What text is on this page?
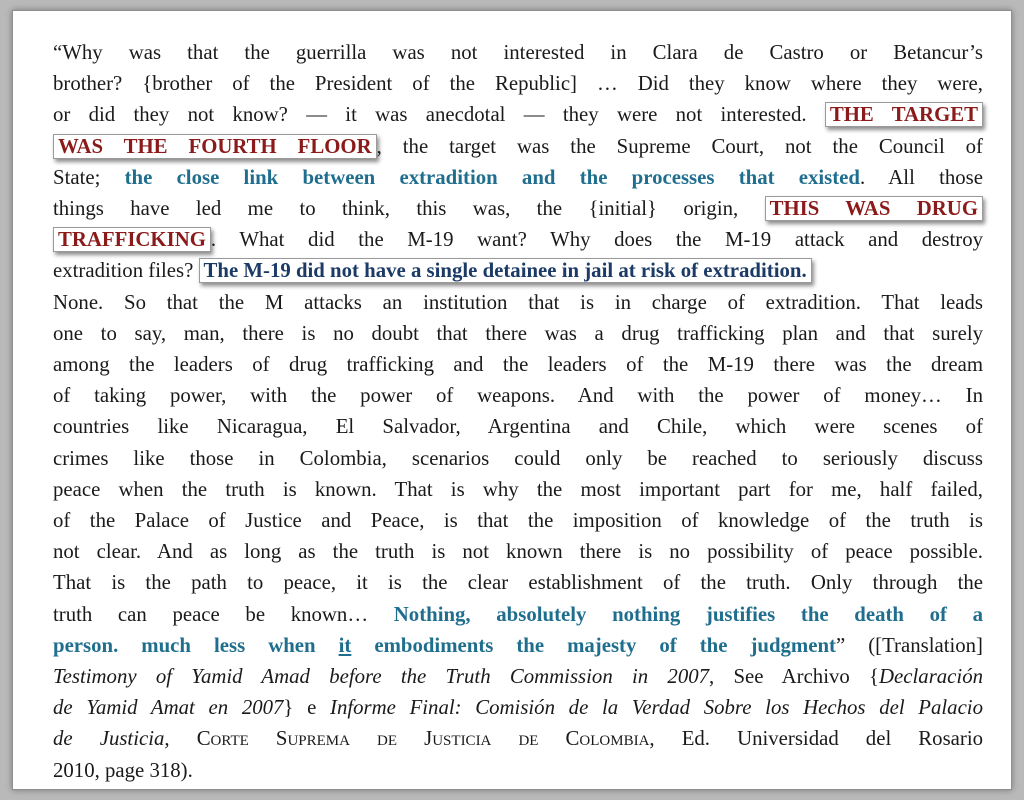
“Why was that the guerrilla was not interested in Clara de Castro or Betancur’s
brother? {brother of the President of the Republic] … Did they know where they were,
or did they not know? — it was anecdotal — they were not interested. THE TARGET
WAS THE FOURTH FLOOR , the target was the Supreme Court, not the Council of
State; the close link between extradition and the processes that existed. All those
things have led me to think, this was, the {initial} origin, THIS WAS DRUG
TRAFFICKING . What did the M-19 want? Why does the M-19 attack and destroy
extradition files? The M-19 did not have a single detainee in jail at risk of extradition.
None. So that the M attacks an institution that is in charge of extradition. That leads
one to say, man, there is no doubt that there was a drug trafficking plan and that surely
among the leaders of drug trafficking and the leaders of the M-19 there was the dream
of taking power, with the power of weapons. And with the power of money… In
countries like Nicaragua, El Salvador, Argentina and Chile, which were scenes of
crimes like those in Colombia, scenarios could only be reached to seriously discuss
peace when the truth is known. That is why the most important part for me, half failed,
of the Palace of Justice and Peace, is that the imposition of knowledge of the truth is
not clear. And as long as the truth is not known there is no possibility of peace possible.
That is the path to peace, it is the clear establishment of the truth. Only through the
truth can peace be known… Nothing, absolutely nothing justifies the death of a
person. much less when it embodiments the majesty of the judgment” ([Translation]
Testimony of Yamid Amad before the Truth Commission in 2007, See Archivo {Declaración
de Yamid Amat en 2007} e Informe Final: Comisión de la Verdad Sobre los Hechos del Palacio
de Justicia, Corte Suprema de Justicia de Colombia, Ed. Universidad del Rosario
2010, page 318).
